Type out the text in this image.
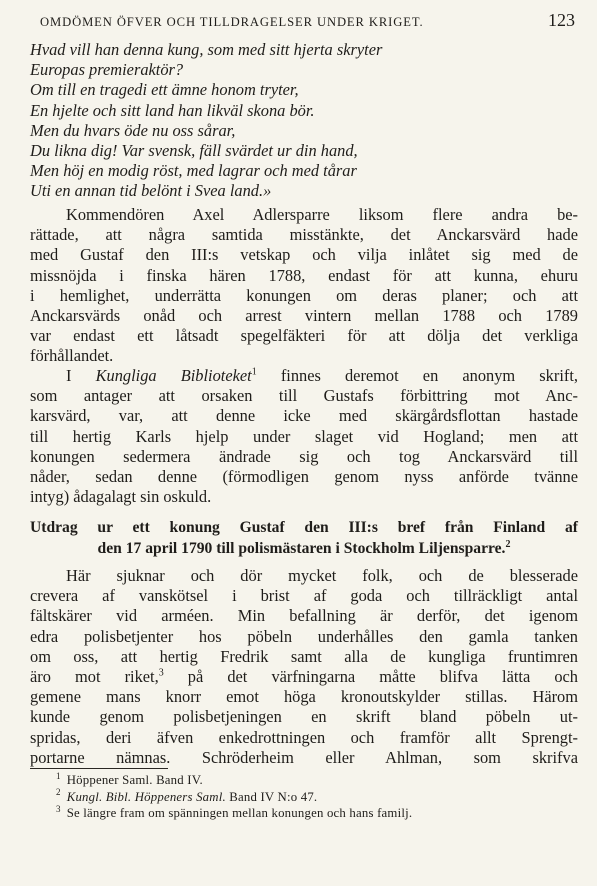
OMDÖMEN ÖFVER OCH TILLDRAGELSER UNDER KRIGET.	123
Hvad vill han denna kung, som med sitt hjerta skryter
Europas premieraktör?
Om till en tragedi ett ämne honom tryter,
En hjelte och sitt land han likväl skona bör.
Men du hvars öde nu oss sårar,
Du likna dig! Var svensk, fäll svärdet ur din hand,
Men höj en modig röst, med lagrar och med tårar
Uti en annan tid belönt i Svea land.»
Kommendören Axel Adlersparre liksom flere andra be-
rättade, att några samtida misstänkte, det Anckarsvärd hade
med Gustaf den III:s vetskap och vilja inlåtet sig med de
missnöjda i finska hären 1788, endast för att kunna, ehuru
i hemlighet, underrätta konungen om deras planer; och att
Anckarsvärds onåd och arrest vintern mellan 1788 och 1789
var endast ett låtsadt spegelfäkteri för att dölja det verkliga
förhållandet.
I Kungliga Biblioteket$^1$ finnes deremot en anonym skrift,
som antager att orsaken till Gustafs förbittring mot Anc-
karsvärd, var, att denne icke med skärgårdsflottan hastade
till hertig Karls hjelp under slaget vid Hogland; men att
konungen sedermera ändrade sig och tog Anckarsvärd till
nåder, sedan denne (förmodligen genom nyss anförde tvänne
intyg) ådagalagt sin oskuld.
Utdrag ur ett konung Gustaf den III:s bref från Finland af
den 17 april 1790 till polismästaren i Stockholm Liljensparre.$^2$
Här sjuknar och dör mycket folk, och de blesserade
crevera af vanskötsel i brist af goda och tillräckligt antal
fältskärer vid arméen. Min befallning är derför, det igenom
edra polisbetjenter hos pöbeln underhålles den gamla tanken
om oss, att hertig Fredrik samt alla de kungliga fruntimren
äro mot riket,$^3$ på det värfningarna måtte blifva lätta och
gemene mans knorr emot höga kronoutskylder stillas. Härom
kunde genom polisbetjeningen en skrift bland pöbeln ut-
spridas, deri äfven enkedrottningen och framför allt Sprengt-
portarne nämnas. Schröderheim eller Ahlman, som skrifva
$^1$ Höppener Saml. Band IV.
$^2$ Kungl. Bibl. Höppeners Saml. Band IV N:o 47.
$^3$ Se längre fram om spänningen mellan konungen och hans familj.
